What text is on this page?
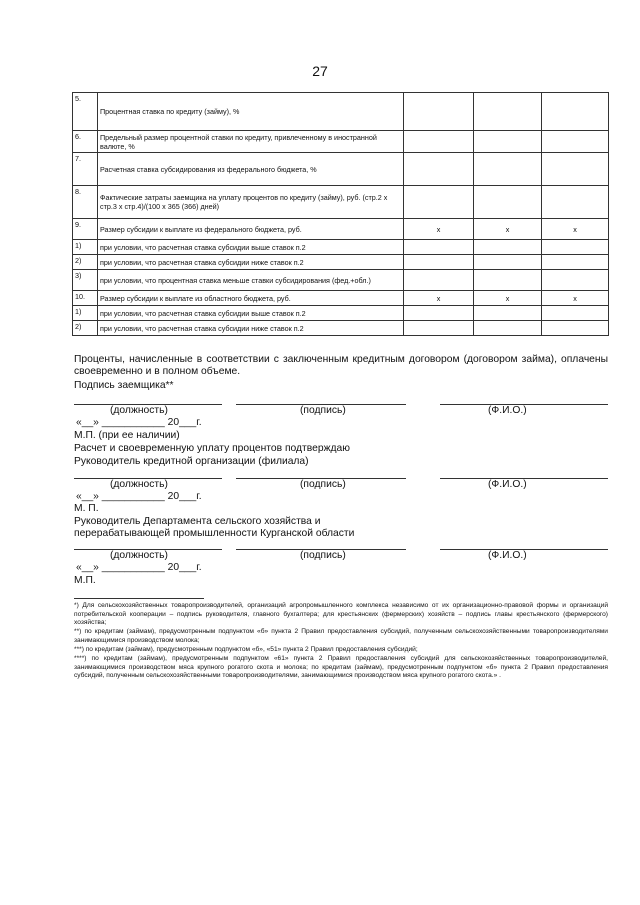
27
5.	Процентная ставка по кредиту (займу), %			
6.	Предельный размер процентной ставки по кредиту, привлеченному в иностранной валюте, %			
7.	Расчетная ставка субсидирования из федерального бюджета, %			
8.	Фактические затраты заемщика на уплату процентов по кредиту (займу), руб. (стр.2 х стр.3 х стр.4)/(100 х 365 (366) дней)			
9.	Размер субсидии к выплате из федерального бюджета, руб.	x	x	x
1)	при условии, что расчетная ставка субсидии выше ставок п.2			
2)	при условии, что расчетная ставка субсидии ниже ставок п.2			
3)	при условии, что процентная ставка меньше ставки субсидирования (фед.+обл.)			
10.	Размер субсидии к выплате из областного бюджета, руб.	x	x	x
1)	при условии, что расчетная ставка субсидии выше ставок п.2			
2)	при условии, что расчетная ставка субсидии ниже ставок п.2			
Проценты, начисленные в соответствии с заключенным кредитным договором (договором займа), оплачены своевременно и в полном объеме.
Подпись заемщика**
(должность)	(подпись)	(Ф.И.О.)
«__» ___________ 20___г.
М.П. (при ее наличии)
Расчет и своевременную уплату процентов подтверждаю
Руководитель кредитной организации (филиала)
(должность)	(подпись)	(Ф.И.О.)
«__» ___________ 20___г.
М. П.
Руководитель Департамента сельского хозяйства и перерабатывающей промышленности Курганской области
(должность)	(подпись)	(Ф.И.О.)
«__» ___________ 20___г.
М.П.
*) Для сельскохозяйственных товаропроизводителей, организаций агропромышленного комплекса независимо от их организационно-правовой формы и организаций потребительской кооперации – подпись руководителя, главного бухгалтера; для крестьянских (фермерских) хозяйств – подпись главы крестьянского (фермерского) хозяйства;
**) по кредитам (займам), предусмотренным подпунктом «б» пункта 2 Правил предоставления субсидий, полученным сельскохозяйственными товаропроизводителями занимающимися производством молока;
***) по кредитам (займам), предусмотренным подпунктом «б», «51» пункта 2 Правил предоставления субсидий;
****) по кредитам (займам), предусмотренным подпунктом «61» пункта 2 Правил предоставления субсидий для сельскохозяйственных товаропроизводителей, занимающимися производством мяса крупного рогатого скота и молока; по кредитам (займам), предусмотренным подпунктом «б» пункта 2 Правил предоставления субсидий, полученным сельскохозяйственными товаропроизводителями, занимающимися производством мяса крупного рогатого скота.» .
